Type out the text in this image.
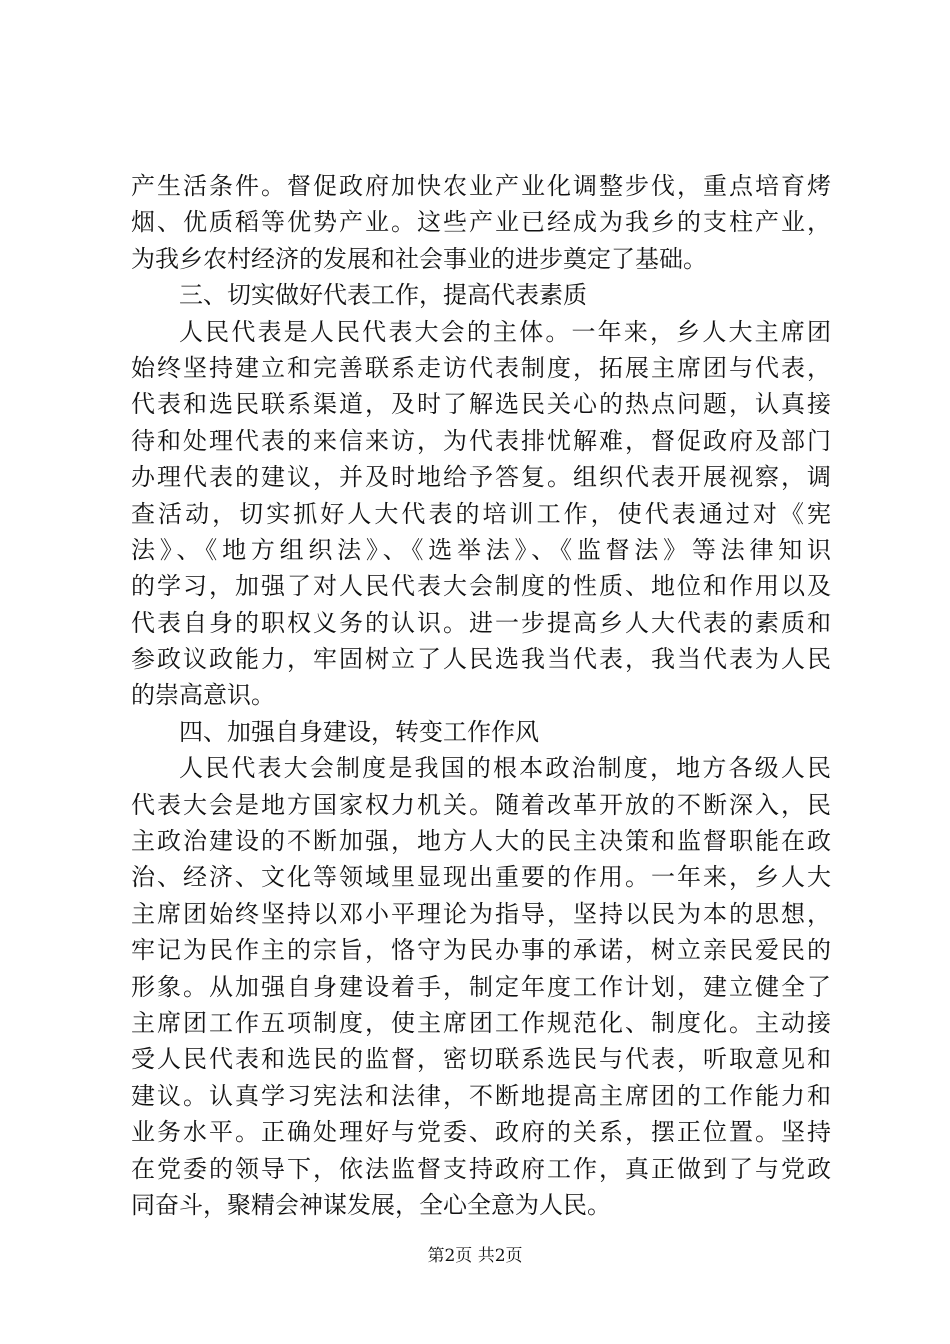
产生活条件。督促政府加快农业产业化调整步伐，重点培育烤
烟、优质稻等优势产业。这些产业已经成为我乡的支柱产业，
为我乡农村经济的发展和社会事业的进步奠定了基础。
三、切实做好代表工作，提高代表素质
人民代表是人民代表大会的主体。一年来，乡人大主席团
始终坚持建立和完善联系走访代表制度，拓展主席团与代表，
代表和选民联系渠道，及时了解选民关心的热点问题，认真接
待和处理代表的来信来访，为代表排忧解难，督促政府及部门
办理代表的建议，并及时地给予答复。组织代表开展视察，调
查活动，切实抓好人大代表的培训工作，使代表通过对《宪
法》、《地方组织法》、《选举法》、《监督法》等法律知识
的学习，加强了对人民代表大会制度的性质、地位和作用以及
代表自身的职权义务的认识。进一步提高乡人大代表的素质和
参政议政能力，牢固树立了人民选我当代表，我当代表为人民
的崇高意识。
四、加强自身建设，转变工作作风
人民代表大会制度是我国的根本政治制度，地方各级人民
代表大会是地方国家权力机关。随着改革开放的不断深入，民
主政治建设的不断加强，地方人大的民主决策和监督职能在政
治、经济、文化等领域里显现出重要的作用。一年来，乡人大
主席团始终坚持以邓小平理论为指导，坚持以民为本的思想，
牢记为民作主的宗旨，恪守为民办事的承诺，树立亲民爱民的
形象。从加强自身建设着手，制定年度工作计划，建立健全了
主席团工作五项制度，使主席团工作规范化、制度化。主动接
受人民代表和选民的监督，密切联系选民与代表，听取意见和
建议。认真学习宪法和法律，不断地提高主席团的工作能力和
业务水平。正确处理好与党委、政府的关系，摆正位置。坚持
在党委的领导下，依法监督支持政府工作，真正做到了与党政
同奋斗，聚精会神谋发展，全心全意为人民。
第2页 共2页
